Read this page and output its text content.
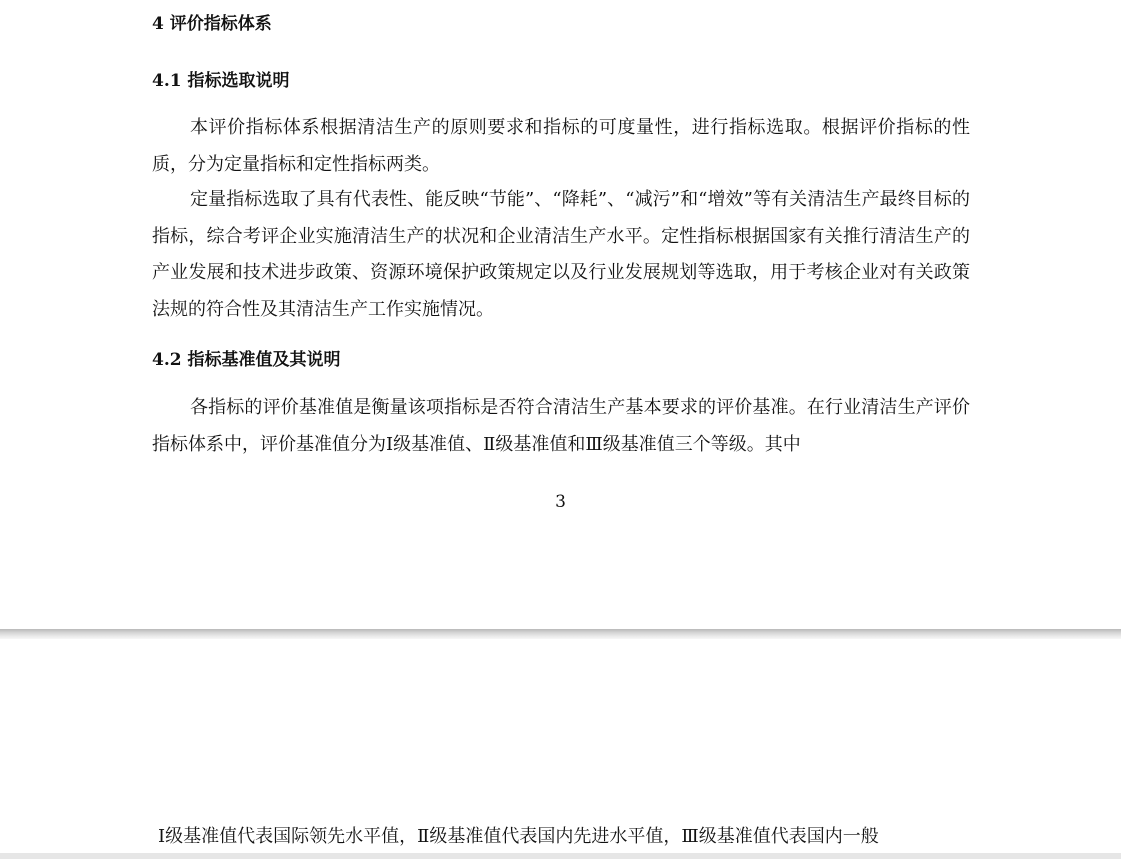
4 评价指标体系
4.1 指标选取说明

本评价指标体系根据清洁生产的原则要求和指标的可度量性，进行指标选取。根据评价指标的性质，分为定量指标和定性指标两类。

定量指标选取了具有代表性、能反映“节能”、“降耗”、“减污”和“增效”等有关清洁生产最终目标的指标，综合考评企业实施清洁生产的状况和企业清洁生产水平。定性指标根据国家有关推行清洁生产的产业发展和技术进步政策、资源环境保护政策规定以及行业发展规划等选取，用于考核企业对有关政策法规的符合性及其清洁生产工作实施情况。

4.2 指标基准值及其说明

各指标的评价基准值是衡量该项指标是否符合清洁生产基本要求的评价基准。在行业清洁生产评价指标体系中，评价基准值分为Ⅰ级基准值、Ⅱ级基准值和Ⅲ级基准值三个等级。其中

3
Ⅰ级基准值代表国际领先水平值，Ⅱ级基准值代表国内先进水平值，Ⅲ级基准值代表国内一般
